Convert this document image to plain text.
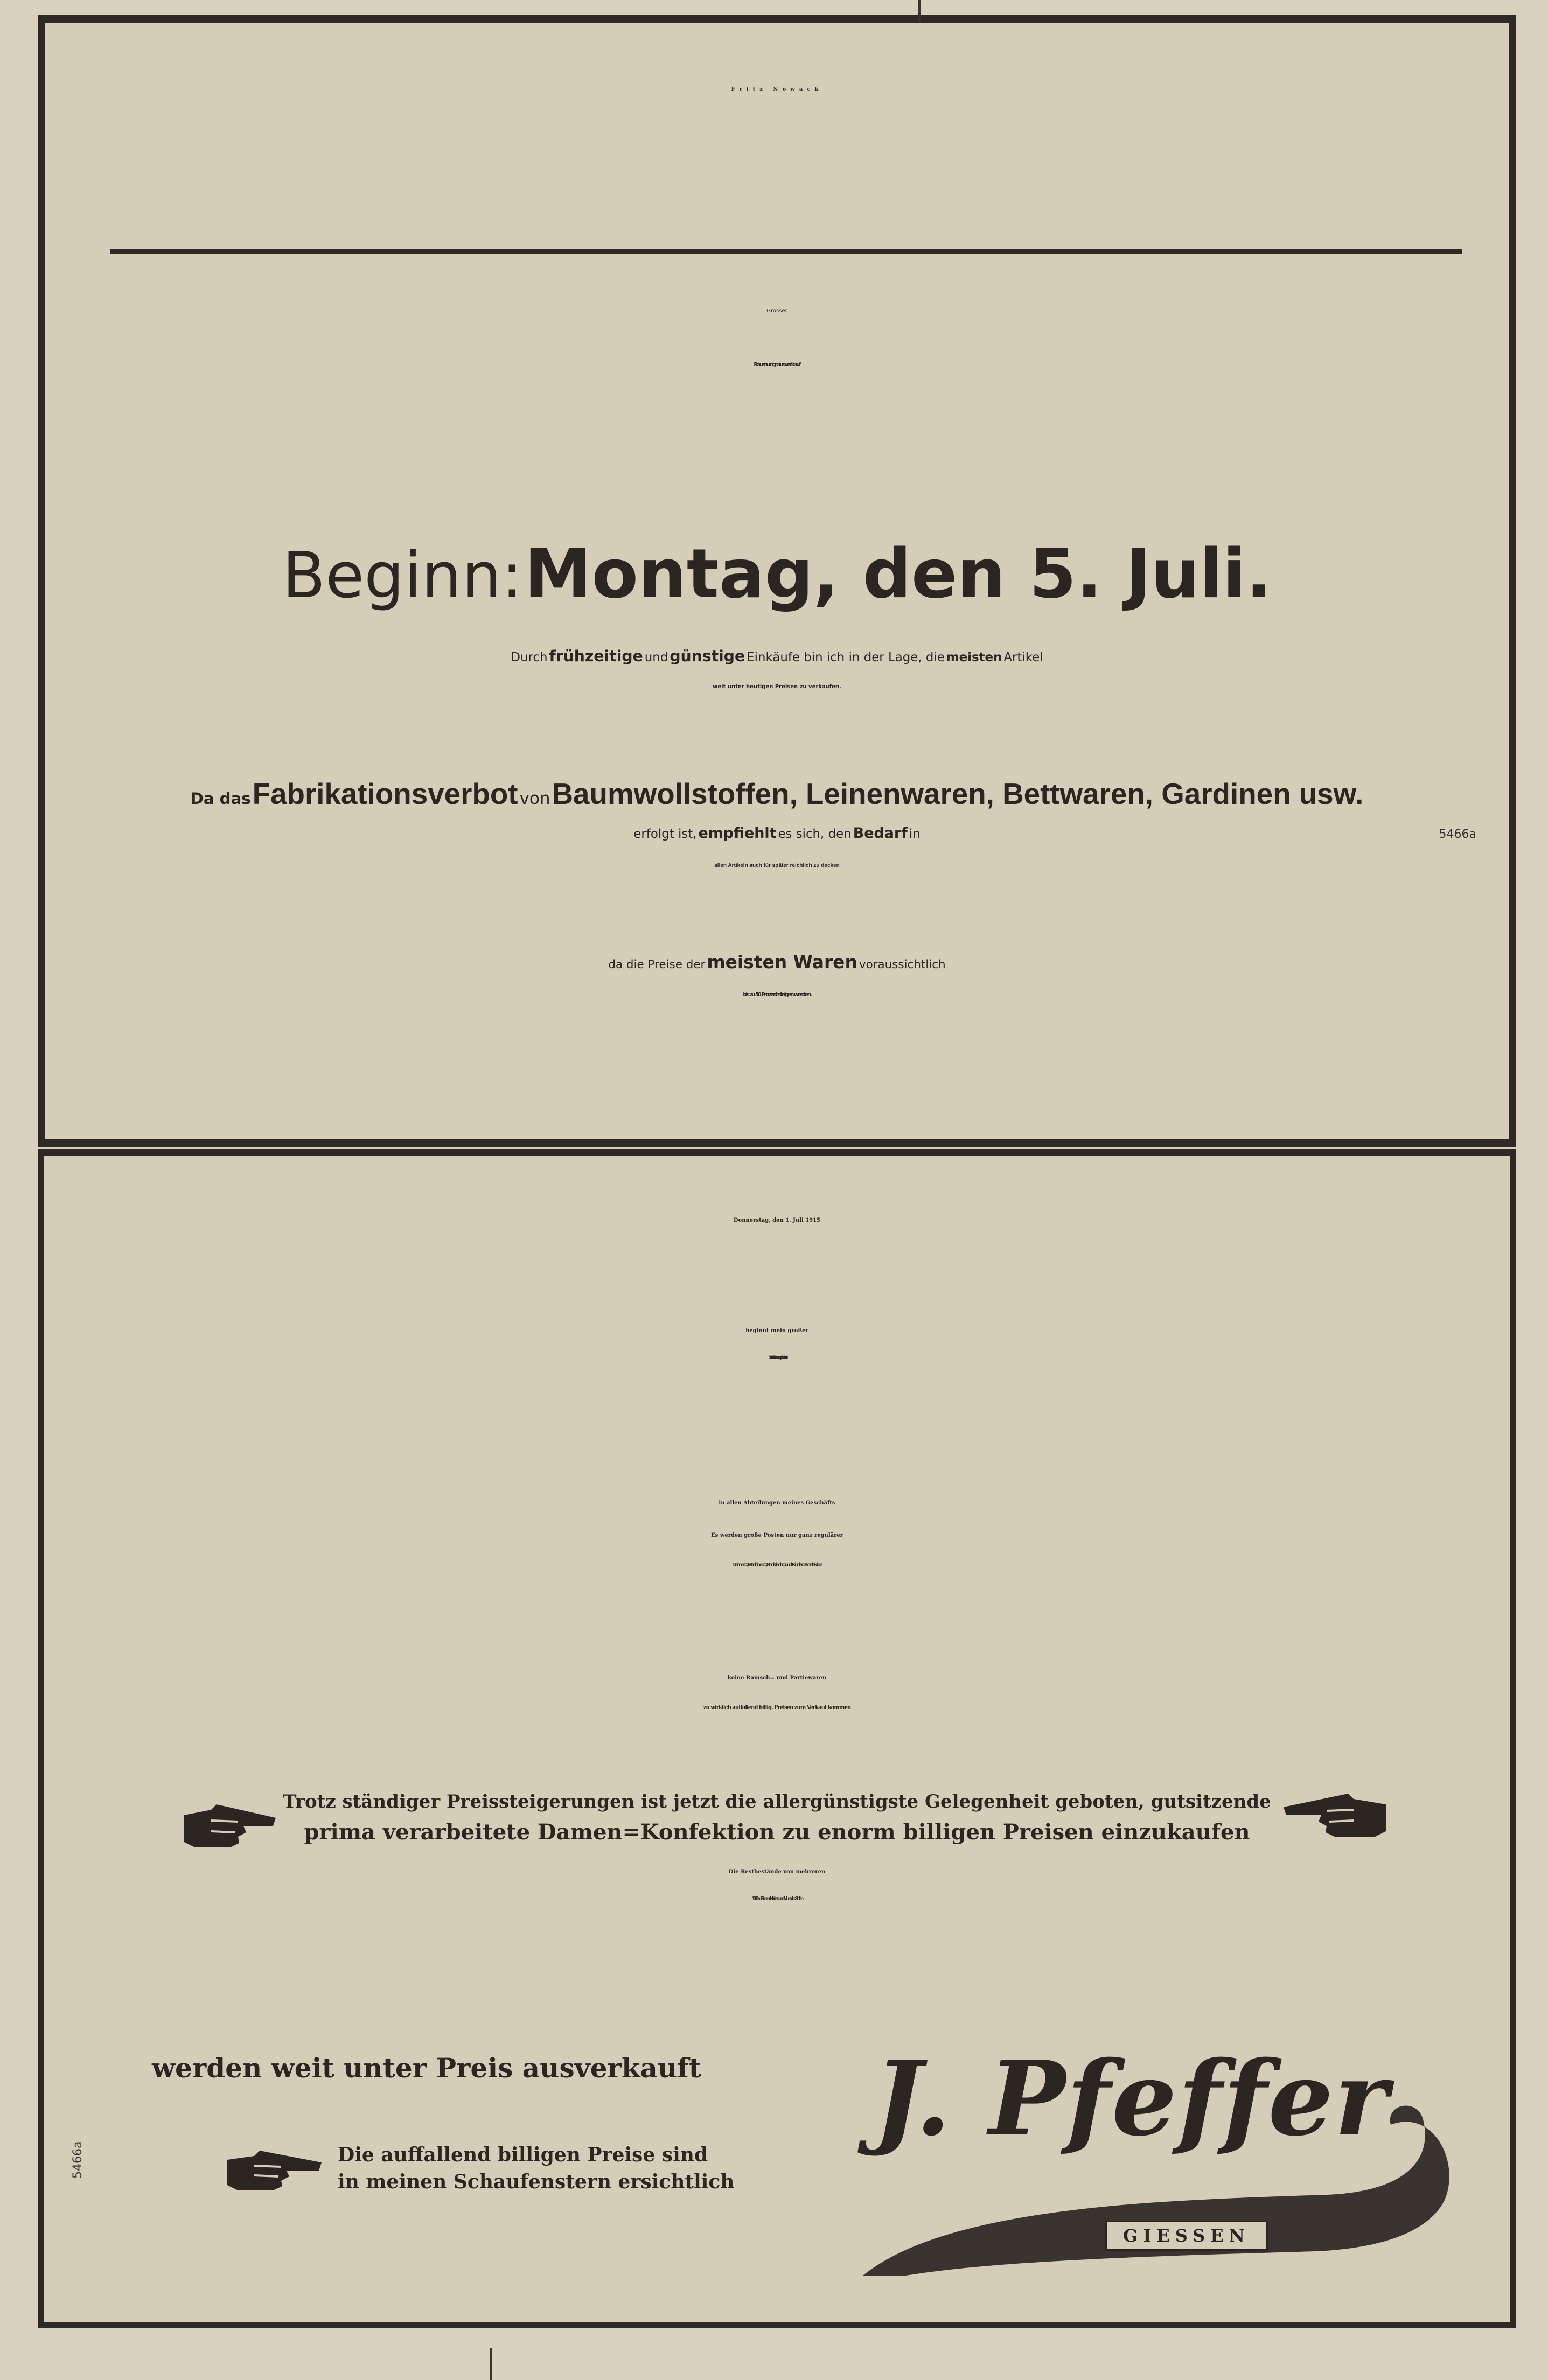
Fritz Nowack
Grosser
Räumungsausverkauf
Beginn: Montag, den 5. Juli.
Durch frühzeitige und günstige Einkäufe bin ich in der Lage, die meisten Artikel
weit unter heutigen Preisen zu verkaufen.
Da das Fabrikationsverbot von Baumwollstoffen, Leinenwaren, Bettwaren, Gardinen usw.
erfolgt ist, empfiehlt es sich, den Bedarf in	5466a
allen Artikeln auch für später reichlich zu decken
da die Preise der meisten Waren voraussichtlich
bis zu 50 Prozent steigen werden.
Donnerstag, den 1. Juli 1915
beginnt mein großer
Saison=Räumungs=Ausverkauf
in allen Abteilungen meines Geschäfts
Es werden große Posten nur ganz regulärer
Damen=, Mädchen=, Backfisch= und Kinder=Konfektion
keine Ramsch= und Partiewaren
zu wirklich auffallend billig. Preisen zum Verkauf kommen
Trotz ständiger Preissteigerungen ist jetzt die allergünstigste Gelegenheit geboten, gutsitzende
prima verarbeitete Damen=Konfektion zu enorm billigen Preisen einzukaufen
Die Restbestände von mehreren
1000 m Blusen=, Kleider=und Musselin=Stoffen
werden weit unter Preis ausverkauft
Die auffallend billigen Preise sind
in meinen Schaufenstern ersichtlich
5466a
J. Pfeffer
GIESSEN
